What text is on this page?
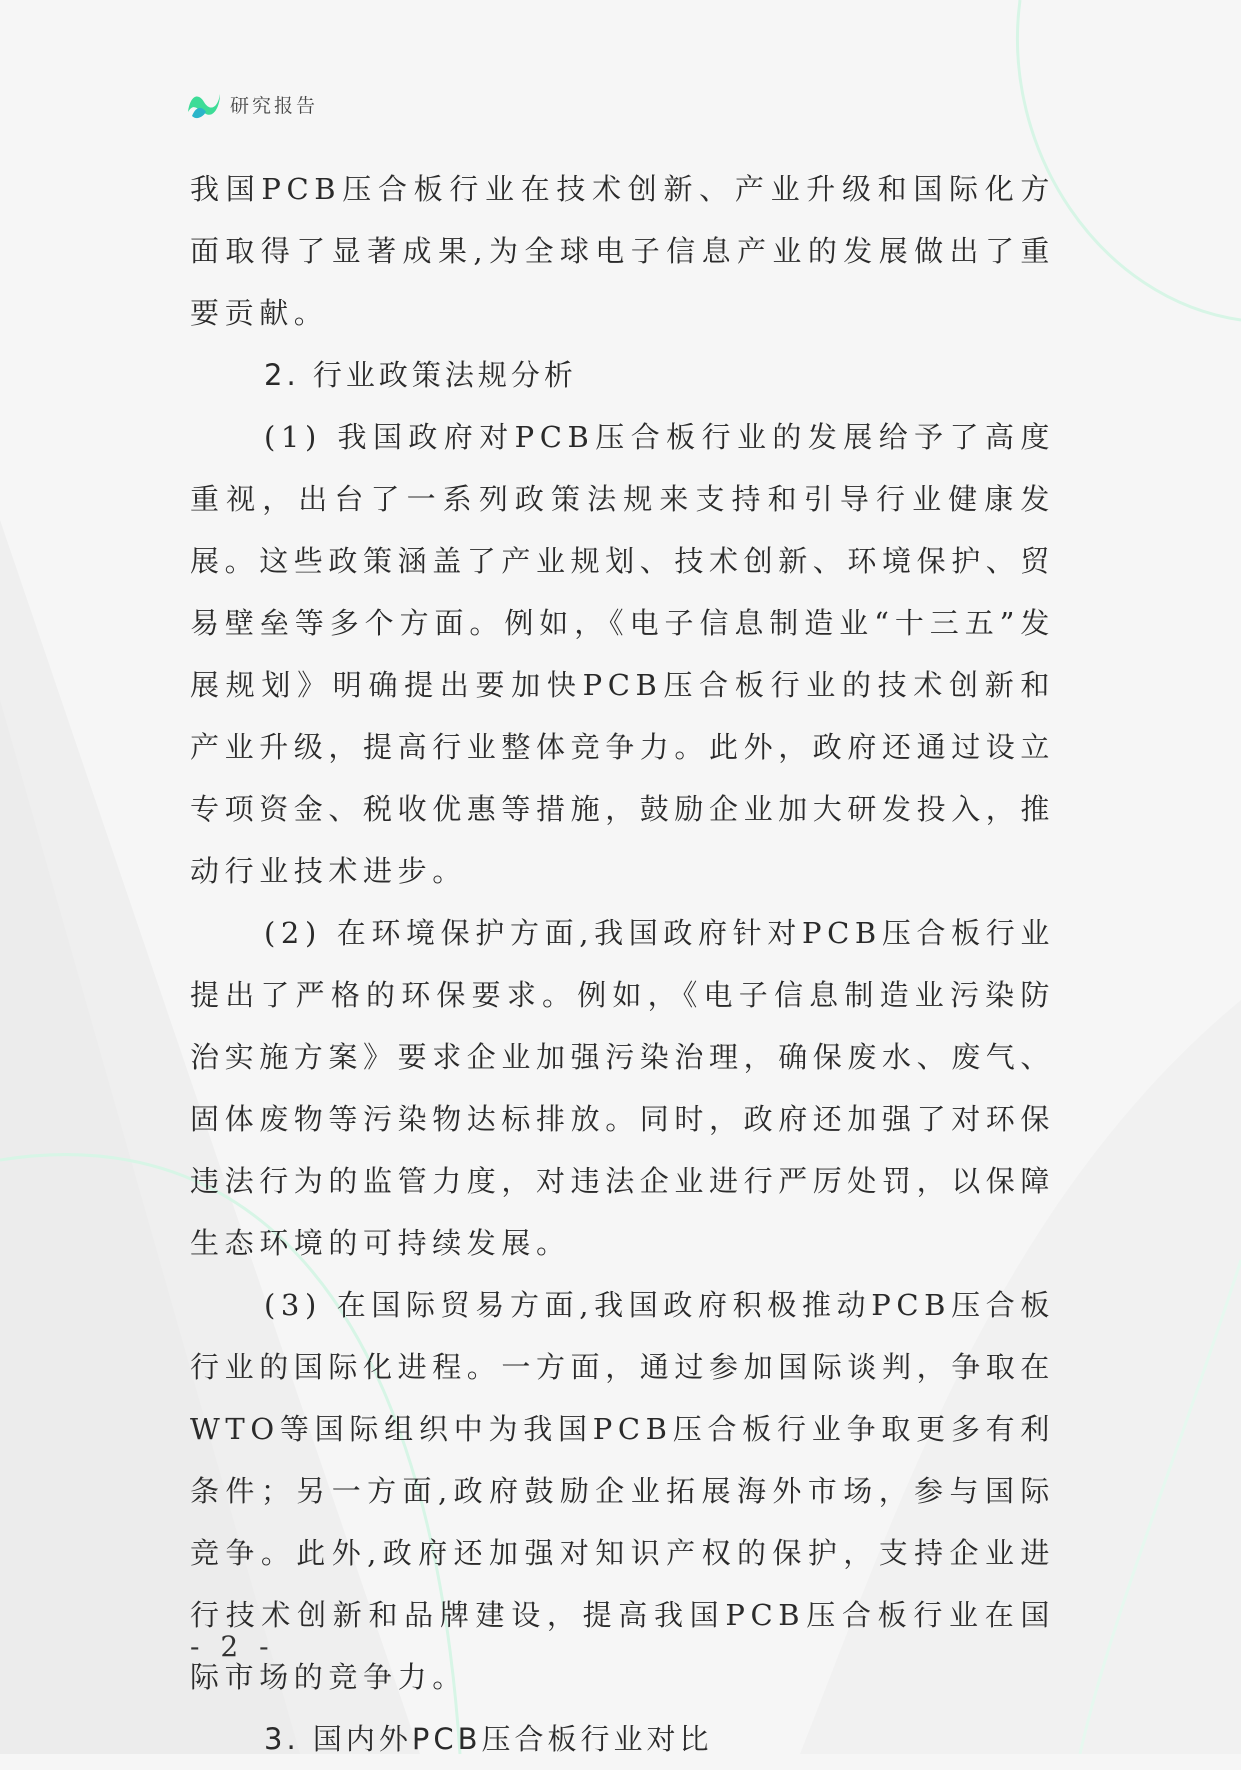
研究报告

我国PCB压合板行业在技术创新、产业升级和国际化方面取得了显著成果,为全球电子信息产业的发展做出了重要贡献。

2. 行业政策法规分析

(1) 我国政府对PCB压合板行业的发展给予了高度重视，出台了一系列政策法规来支持和引导行业健康发展。这些政策涵盖了产业规划、技术创新、环境保护、贸易壁垒等多个方面。例如，《电子信息制造业“十三五”发展规划》明确提出要加快PCB压合板行业的技术创新和产业升级，提高行业整体竞争力。此外，政府还通过设立专项资金、税收优惠等措施，鼓励企业加大研发投入，推动行业技术进步。

(2) 在环境保护方面,我国政府针对PCB压合板行业提出了严格的环保要求。例如，《电子信息制造业污染防治实施方案》要求企业加强污染治理，确保废水、废气、固体废物等污染物达标排放。同时，政府还加强了对环保违法行为的监管力度，对违法企业进行严厉处罚，以保障生态环境的可持续发展。

(3) 在国际贸易方面,我国政府积极推动PCB压合板行业的国际化进程。一方面，通过参加国际谈判，争取在WTO等国际组织中为我国PCB压合板行业争取更多有利条件；另一方面,政府鼓励企业拓展海外市场，参与国际竞争。此外,政府还加强对知识产权的保护，支持企业进行技术创新和品牌建设，提高我国PCB压合板行业在国际市场的竞争力。

3. 国内外PCB压合板行业对比

- 2 -
